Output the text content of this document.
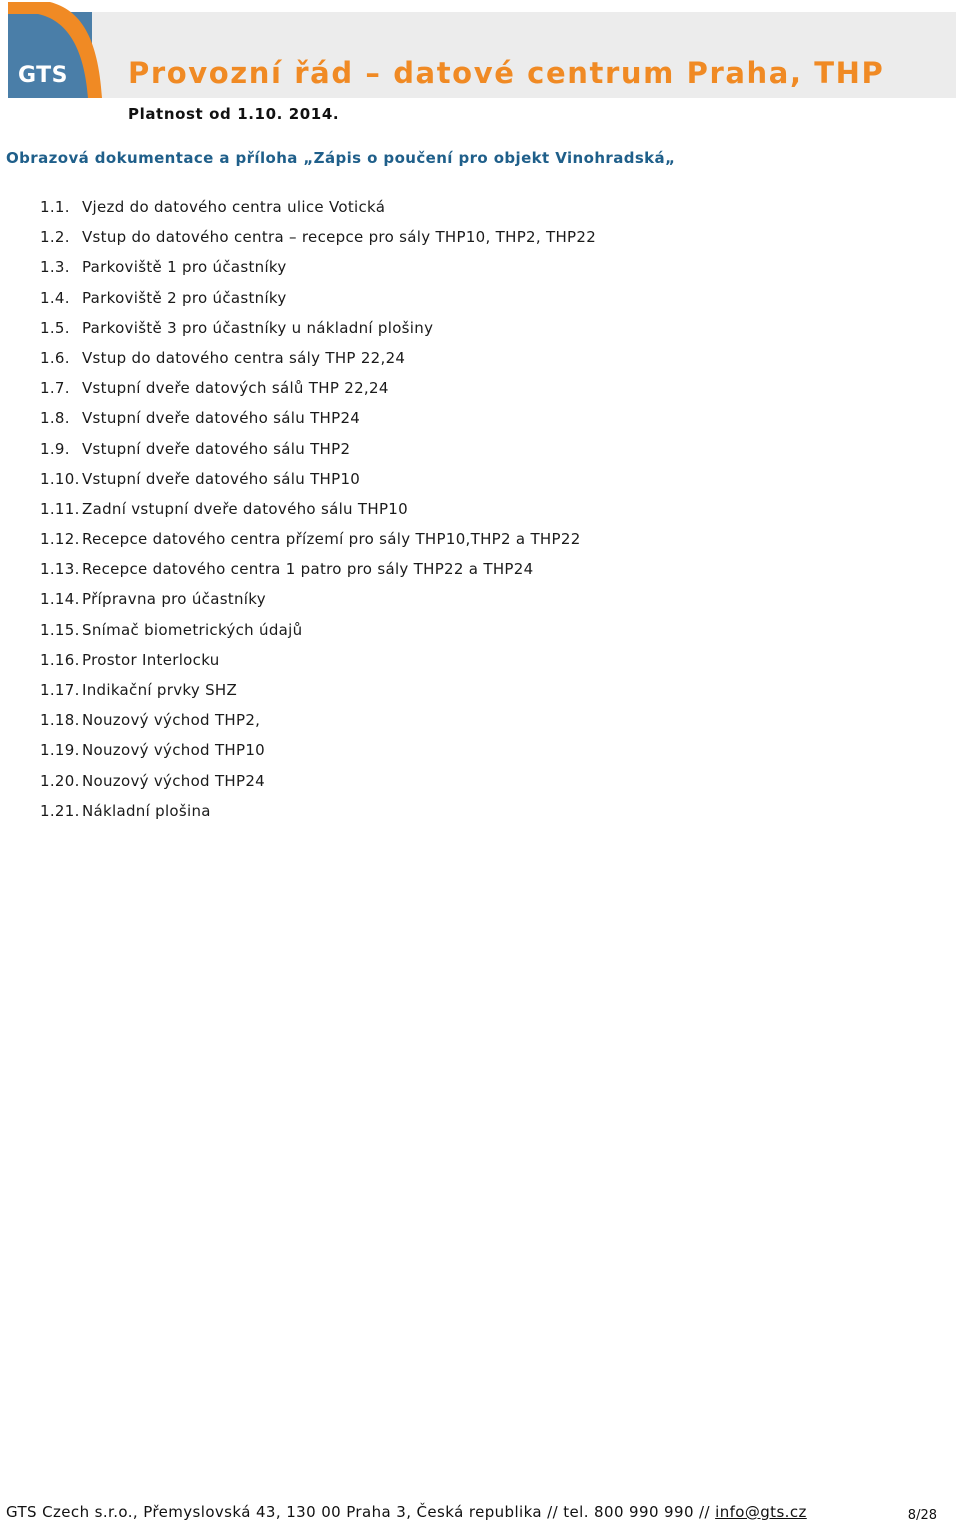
GTS Provozní řád – datové centrum Praha, THP
Platnost od 1.10. 2014.
Obrazová dokumentace a příloha „Zápis o poučení pro objekt Vinohradská„
1.1. Vjezd do datového centra ulice Votická
1.2. Vstup do datového centra – recepce pro sály THP10, THP2, THP22
1.3. Parkoviště 1 pro účastníky
1.4. Parkoviště 2 pro účastníky
1.5. Parkoviště 3 pro účastníky u nákladní plošiny
1.6. Vstup do datového centra sály THP 22,24
1.7. Vstupní dveře datových sálů THP 22,24
1.8. Vstupní dveře datového sálu THP24
1.9. Vstupní dveře datového sálu THP2
1.10. Vstupní dveře datového sálu THP10
1.11. Zadní vstupní dveře datového sálu THP10
1.12. Recepce datového centra přízemí pro sály THP10,THP2 a THP22
1.13. Recepce datového centra 1 patro pro sály THP22 a THP24
1.14. Přípravna pro účastníky
1.15. Snímač biometrických údajů
1.16. Prostor Interlocku
1.17. Indikační prvky SHZ
1.18. Nouzový východ THP2,
1.19. Nouzový východ THP10
1.20. Nouzový východ THP24
1.21. Nákladní plošina
GTS Czech s.r.o., Přemyslovská 43, 130 00 Praha 3, Česká republika // tel. 800 990 990 // info@gts.cz	8/28
